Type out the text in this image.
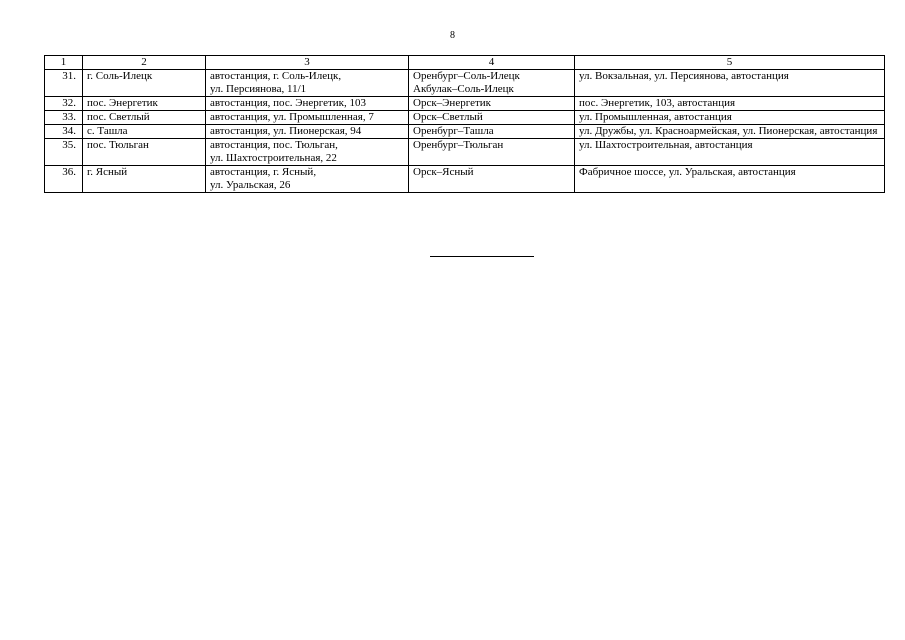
8
1	2	3	4	5
31.	г. Соль-Илецк	автостанция, г. Соль-Илецк,
ул. Персиянова, 11/1	Оренбург–Соль-Илецк
Акбулак–Соль-Илецк	ул. Вокзальная, ул. Персиянова, автостанция

32.	пос. Энергетик	автостанция, пос. Энергетик, 103	Орск–Энергетик	пос. Энергетик, 103, автостанция

33.	пос. Светлый	автостанция, ул. Промышленная, 7	Орск–Светлый	ул. Промышленная, автостанция

34.	с. Ташла	автостанция, ул. Пионерская, 94	Оренбург–Ташла	ул. Дружбы, ул. Красноармейская, ул. Пионерская, автостанция

35.	пос. Тюльган	автостанция, пос. Тюльган,
ул. Шахтостроительная, 22	Оренбург–Тюльган	ул. Шахтостроительная, автостанция

36.	г. Ясный	автостанция, г. Ясный,
ул. Уральская, 26	Орск–Ясный	Фабричное шоссе, ул. Уральская, автостанция
